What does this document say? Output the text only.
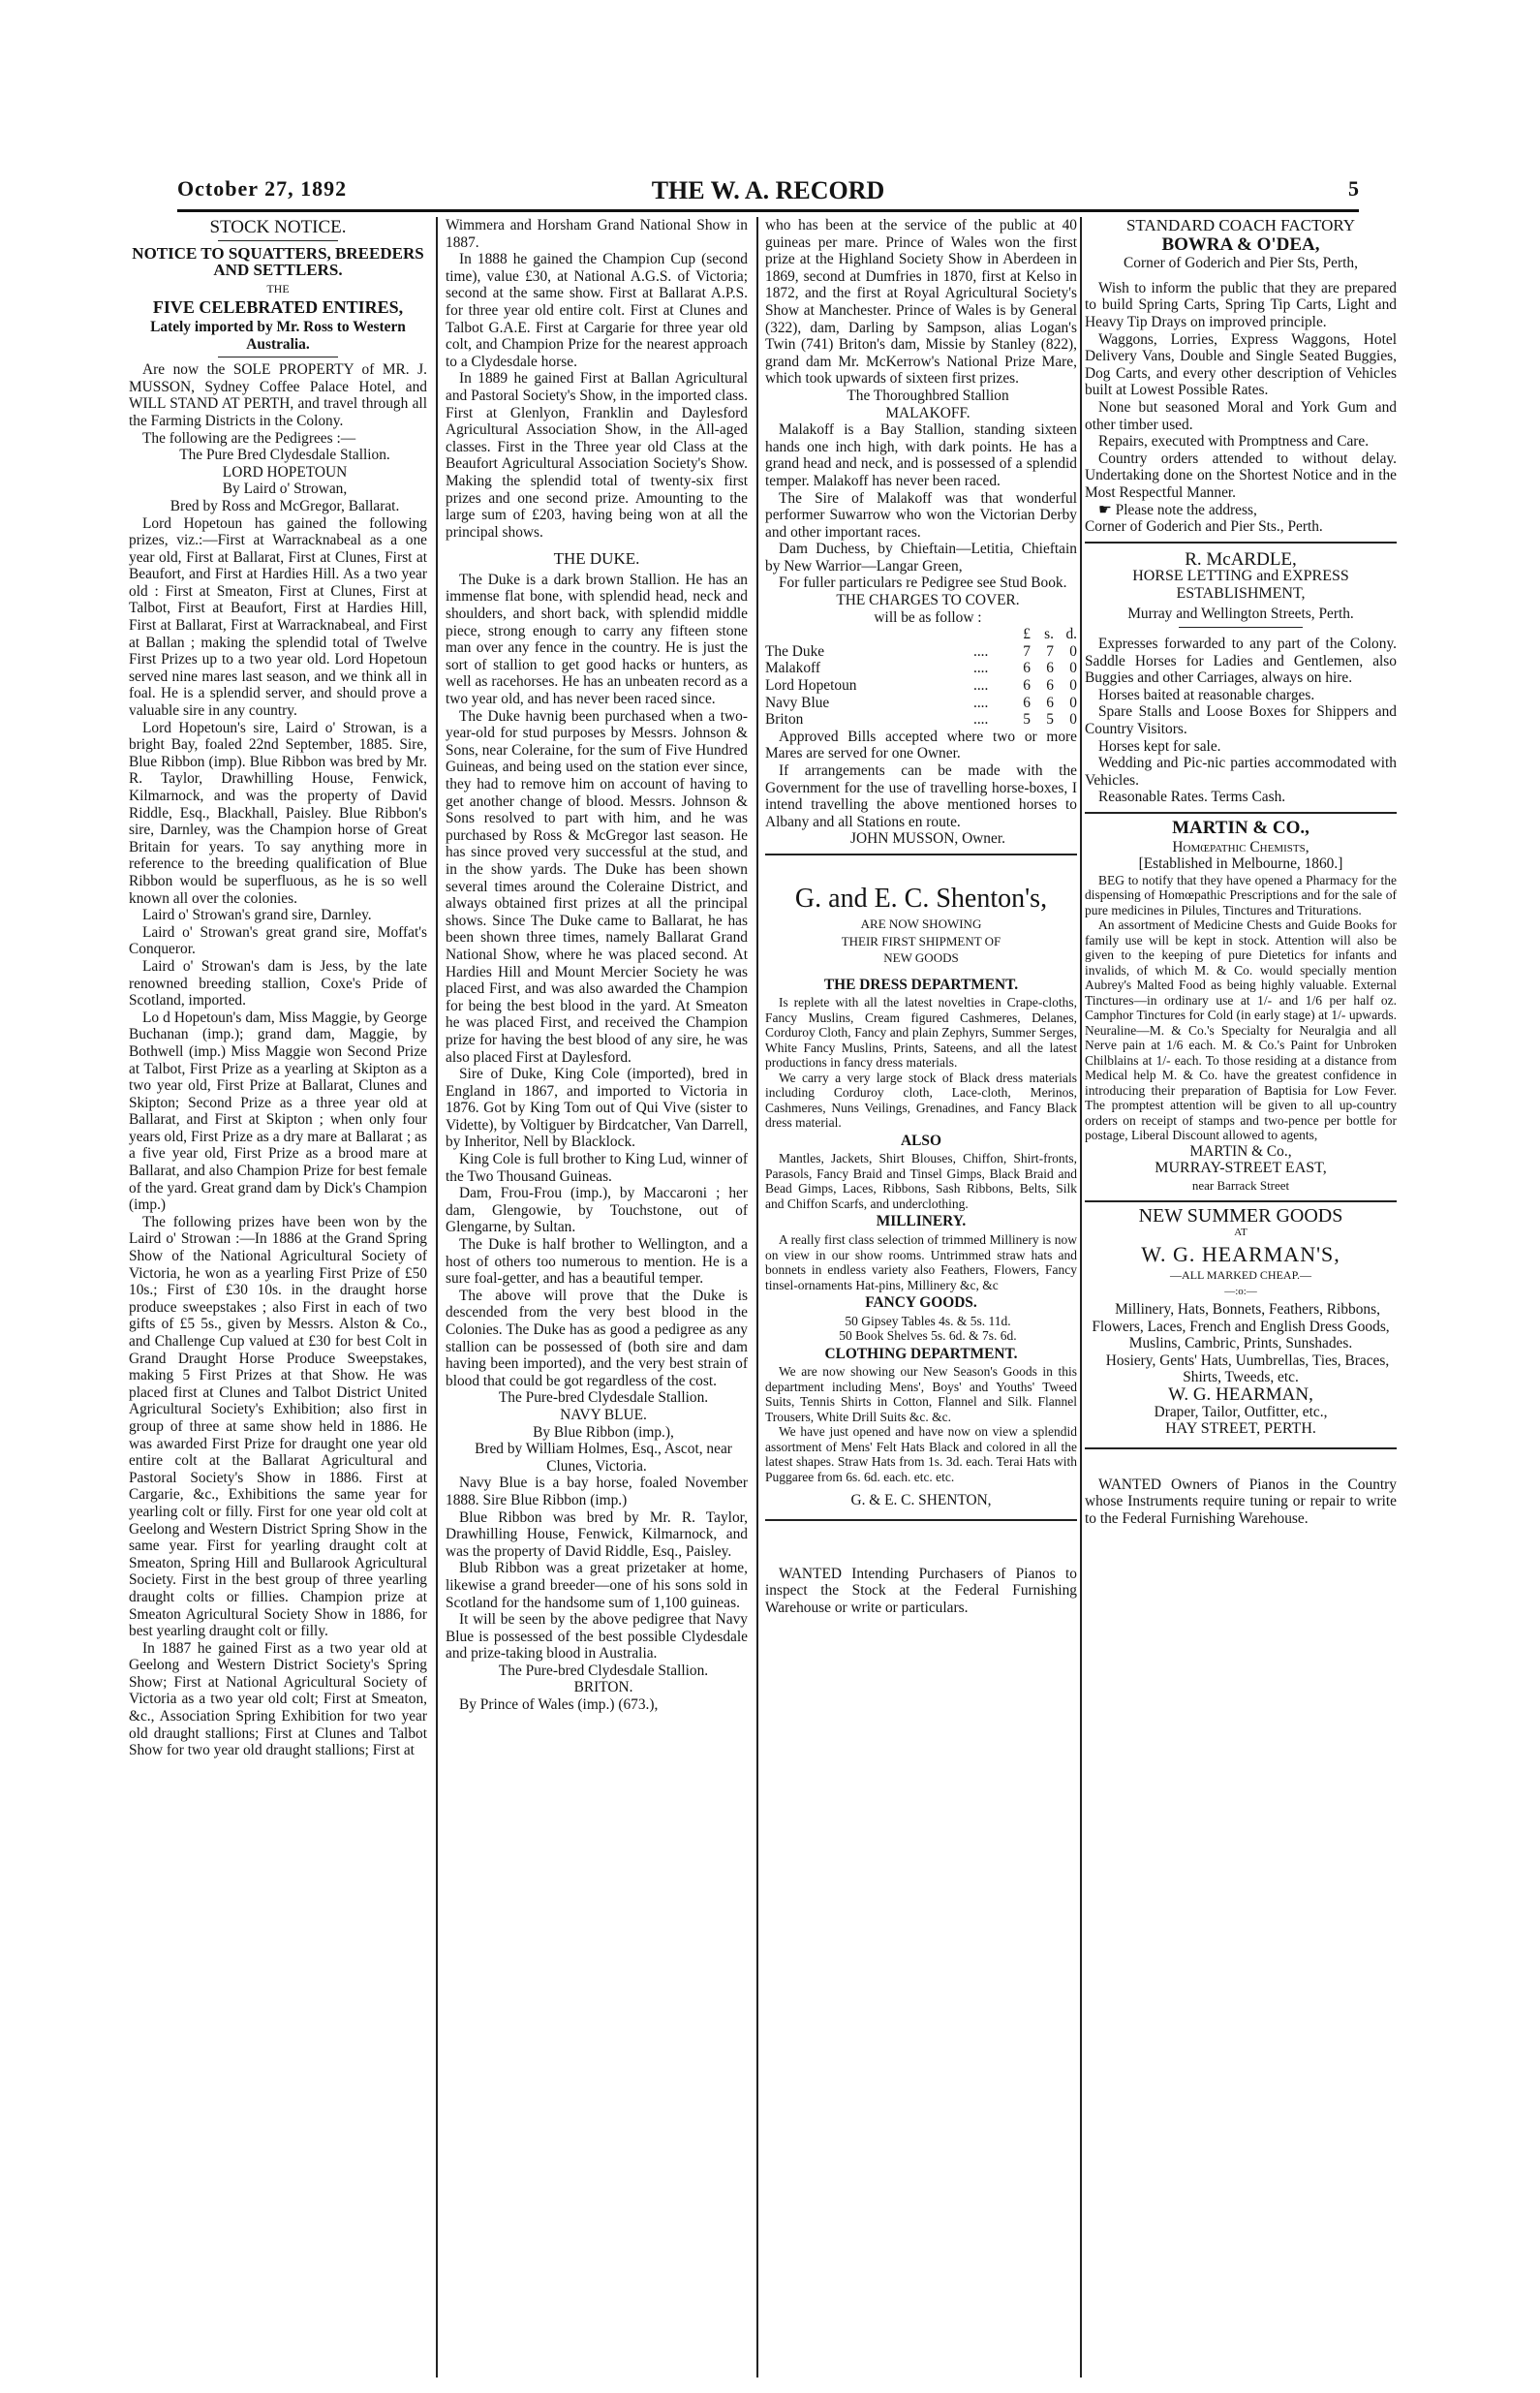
October 27, 1892	THE W. A. RECORD	5
STOCK NOTICE.
NOTICE TO SQUATTERS, BREEDERS AND SETTLERS.
THE
FIVE CELEBRATED ENTIRES,
Lately imported by Mr. Ross to Western Australia.

Are now the SOLE PROPERTY of MR. J. MUSSON, Sydney Coffee Palace Hotel, and WILL STAND AT PERTH, and travel through all the Farming Districts in the Colony.

The following are the Pedigrees :—

The Pure Bred Clydesdale Stallion.

LORD HOPETOUN

By Laird o' Strowan,

Bred by Ross and McGregor, Ballarat.

Lord Hopetoun has gained the following prizes, viz.:—First at Warracknabeal as a one year old, First at Ballarat, First at Clunes, First at Beaufort, and First at Hardies Hill. As a two year old : First at Smeaton, First at Clunes, First at Talbot, First at Beaufort, First at Hardies Hill, First at Ballarat, First at Warracknabeal, and First at Ballan ; making the splendid total of Twelve First Prizes up to a two year old. Lord Hopetoun served nine mares last season, and we think all in foal. He is a splendid server, and should prove a valuable sire in any country.

Lord Hopetoun's sire, Laird o' Strowan, is a bright Bay, foaled 22nd September, 1885. Sire, Blue Ribbon (imp). Blue Ribbon was bred by Mr. R. Taylor, Drawhilling House, Fenwick, Kilmarnock, and was the property of David Riddle, Esq., Blackhall, Paisley. Blue Ribbon's sire, Darnley, was the Champion horse of Great Britain for years. To say anything more in reference to the breeding qualification of Blue Ribbon would be superfluous, as he is so well known all over the colonies.

Laird o' Strowan's grand sire, Darnley.

Laird o' Strowan's great grand sire, Moffat's Conqueror.

Laird o' Strowan's dam is Jess, by the late renowned breeding stallion, Coxe's Pride of Scotland, imported.

Lo d Hopetoun's dam, Miss Maggie, by George Buchanan (imp.); grand dam, Maggie, by Bothwell (imp.) Miss Maggie won Second Prize at Talbot, First Prize as a yearling at Skipton as a two year old, First Prize at Ballarat, Clunes and Skipton; Second Prize as a three year old at Ballarat, and First at Skipton ; when only four years old, First Prize as a dry mare at Ballarat ; as a five year old, First Prize as a brood mare at Ballarat, and also Champion Prize for best female of the yard. Great grand dam by Dick's Champion (imp.)

The following prizes have been won by the Laird o' Strowan :—In 1886 at the Grand Spring Show of the National Agricultural Society of Victoria, he won as a yearling First Prize of £50 10s.; First of £30 10s. in the draught horse produce sweepstakes ; also First in each of two gifts of £5 5s., given by Messrs. Alston & Co., and Challenge Cup valued at £30 for best Colt in Grand Draught Horse Produce Sweepstakes, making 5 First Prizes at that Show. He was placed first at Clunes and Talbot District United Agricultural Society's Exhibition; also first in group of three at same show held in 1886. He was awarded First Prize for draught one year old entire colt at the Ballarat Agricultural and Pastoral Society's Show in 1886. First at Cargarie, &c., Exhibitions the same year for yearling colt or filly. First for one year old colt at Geelong and Western District Spring Show in the same year. First for yearling draught colt at Smeaton, Spring Hill and Bullarook Agricultural Society. First in the best group of three yearling draught colts or fillies. Champion prize at Smeaton Agricultural Society Show in 1886, for best yearling draught colt or filly.

In 1887 he gained First as a two year old at Geelong and Western District Society's Spring Show; First at National Agricultural Society of Victoria as a two year old colt; First at Smeaton, &c., Association Spring Exhibition for two year old draught stallions; First at Clunes and Talbot Show for two year old draught stallions; First at

Wimmera and Horsham Grand National Show in 1887.

In 1888 he gained the Champion Cup (second time), value £30, at National A.G.S. of Victoria; second at the same show. First at Ballarat A.P.S. for three year old entire colt. First at Clunes and Talbot G.A.E. First at Cargarie for three year old colt, and Champion Prize for the nearest approach to a Clydesdale horse.

In 1889 he gained First at Ballan Agricultural and Pastoral Society's Show, in the imported class. First at Glenlyon, Franklin and Daylesford Agricultural Association Show, in the All-aged classes. First in the Three year old Class at the Beaufort Agricultural Association Society's Show. Making the splendid total of twenty-six first prizes and one second prize. Amounting to the large sum of £203, having being won at all the principal shows.

THE DUKE.

The Duke is a dark brown Stallion. He has an immense flat bone, with splendid head, neck and shoulders, and short back, with splendid middle piece, strong enough to carry any fifteen stone man over any fence in the country. He is just the sort of stallion to get good hacks or hunters, as well as racehorses. He has an unbeaten record as a two year old, and has never been raced since.

The Duke havnig been purchased when a two-year-old for stud purposes by Messrs. Johnson & Sons, near Coleraine, for the sum of Five Hundred Guineas, and being used on the station ever since, they had to remove him on account of having to get another change of blood. Messrs. Johnson & Sons resolved to part with him, and he was purchased by Ross & McGregor last season. He has since proved very successful at the stud, and in the show yards. The Duke has been shown several times around the Coleraine District, and always obtained first prizes at all the principal shows. Since The Duke came to Ballarat, he has been shown three times, namely Ballarat Grand National Show, where he was placed second. At Hardies Hill and Mount Mercier Society he was placed First, and was also awarded the Champion for being the best blood in the yard. At Smeaton he was placed First, and received the Champion prize for having the best blood of any sire, he was also placed First at Daylesford.

Sire of Duke, King Cole (imported), bred in England in 1867, and imported to Victoria in 1876. Got by King Tom out of Qui Vive (sister to Vidette), by Voltiguer by Birdcatcher, Van Darrell, by Inheritor, Nell by Blacklock.

King Cole is full brother to King Lud, winner of the Two Thousand Guineas.

Dam, Frou-Frou (imp.), by Maccaroni ; her dam, Glengowie, by Touchstone, out of Glengarne, by Sultan.

The Duke is half brother to Wellington, and a host of others too numerous to mention. He is a sure foal-getter, and has a beautiful temper.

The above will prove that the Duke is descended from the very best blood in the Colonies. The Duke has as good a pedigree as any stallion can be possessed of (both sire and dam having been imported), and the very best strain of blood that could be got regardless of the cost.

The Pure-bred Clydesdale Stallion.

NAVY BLUE.

By Blue Ribbon (imp.),

Bred by William Holmes, Esq., Ascot, near Clunes, Victoria.

Navy Blue is a bay horse, foaled November 1888. Sire Blue Ribbon (imp.)

Blue Ribbon was bred by Mr. R. Taylor, Drawhilling House, Fenwick, Kilmarnock, and was the property of David Riddle, Esq., Paisley.

Blub Ribbon was a great prizetaker at home, likewise a grand breeder—one of his sons sold in Scotland for the handsome sum of 1,100 guineas.

It will be seen by the above pedigree that Navy Blue is possessed of the best possible Clydesdale and prize-taking blood in Australia.

The Pure-bred Clydesdale Stallion.

BRITON.

By Prince of Wales (imp.) (673.),

who has been at the service of the public at 40 guineas per mare. Prince of Wales won the first prize at the Highland Society Show in Aberdeen in 1869, second at Dumfries in 1870, first at Kelso in 1872, and the first at Royal Agricultural Society's Show at Manchester. Prince of Wales is by General (322), dam, Darling by Sampson, alias Logan's Twin (741) Briton's dam, Missie by Stanley (822), grand dam Mr. McKerrow's National Prize Mare, which took upwards of sixteen first prizes.

The Thoroughbred Stallion

MALAKOFF.

Malakoff is a Bay Stallion, standing sixteen hands one inch high, with dark points. He has a grand head and neck, and is possessed of a splendid temper. Malakoff has never been raced.

The Sire of Malakoff was that wonderful performer Suwarrow who won the Victorian Derby and other important races.

Dam Duchess, by Chieftain—Letitia, Chieftain by New Warrior—Langar Green,

For fuller particulars re Pedigree see Stud Book.

THE CHARGES TO COVER.

will be as follow :

		£	s.	d.
The Duke	....	7	7	0
Malakoff	....	6	6	0
Lord Hopetoun	....	6	6	0
Navy Blue	....	6	6	0
Briton	....	5	5	0

Approved Bills accepted where two or more Mares are served for one Owner.

If arrangements can be made with the Government for the use of travelling horse-boxes, I intend travelling the above mentioned horses to Albany and all Stations en route.

JOHN MUSSON, Owner.

G. and E. C. Shenton's,
ARE NOW SHOWING
THEIR FIRST SHIPMENT OF
NEW GOODS
THE DRESS DEPARTMENT.

Is replete with all the latest novelties in Crape-cloths, Fancy Muslins, Cream figured Cashmeres, Delanes, Corduroy Cloth, Fancy and plain Zephyrs, Summer Serges, White Fancy Muslins, Prints, Sateens, and all the latest productions in fancy dress materials.

We carry a very large stock of Black dress materials including Corduroy cloth, Lace-cloth, Merinos, Cashmeres, Nuns Veilings, Grenadines, and Fancy Black dress material.

ALSO

Mantles, Jackets, Shirt Blouses, Chiffon, Shirt-fronts, Parasols, Fancy Braid and Tinsel Gimps, Black Braid and Bead Gimps, Laces, Ribbons, Sash Ribbons, Belts, Silk and Chiffon Scarfs, and underclothing.

MILLINERY.

A really first class selection of trimmed Millinery is now on view in our show rooms. Untrimmed straw hats and bonnets in endless variety also Feathers, Flowers, Fancy tinsel-ornaments Hat-pins, Millinery &c, &c

FANCY GOODS.

50 Gipsey Tables 4s. & 5s. 11d.

50 Book Shelves 5s. 6d. & 7s. 6d.

CLOTHING DEPARTMENT.

We are now showing our New Season's Goods in this department including Mens', Boys' and Youths' Tweed Suits, Tennis Shirts in Cotton, Flannel and Silk. Flannel Trousers, White Drill Suits &c. &c.

We have just opened and have now on view a splendid assortment of Mens' Felt Hats Black and colored in all the latest shapes. Straw Hats from 1s. 3d. each. Terai Hats with Puggaree from 6s. 6d. each. etc. etc.

G. & E. C. SHENTON,

WANTED Intending Purchasers of Pianos to inspect the Stock at the Federal Furnishing Warehouse or write or particulars.

STANDARD COACH FACTORY
BOWRA & O'DEA,
Corner of Goderich and Pier Sts, Perth,

Wish to inform the public that they are prepared to build Spring Carts, Spring Tip Carts, Light and Heavy Tip Drays on improved principle.

Waggons, Lorries, Express Waggons, Hotel Delivery Vans, Double and Single Seated Buggies, Dog Carts, and every other description of Vehicles built at Lowest Possible Rates.

None but seasoned Moral and York Gum and other timber used.

Repairs, executed with Promptness and Care.

Country orders attended to without delay. Undertaking done on the Shortest Notice and in the Most Respectful Manner.

☛ Please note the address,

Corner of Goderich and Pier Sts., Perth.

R. McARDLE,
HORSE LETTING and EXPRESS ESTABLISHMENT,
Murray and Wellington Streets, Perth.

Expresses forwarded to any part of the Colony. Saddle Horses for Ladies and Gentlemen, also Buggies and other Carriages, always on hire.

Horses baited at reasonable charges.

Spare Stalls and Loose Boxes for Shippers and Country Visitors.

Horses kept for sale.

Wedding and Pic-nic parties accommodated with Vehicles.

Reasonable Rates. Terms Cash.

MARTIN & CO.,
Homœpathic Chemists,
[Established in Melbourne, 1860.]

BEG to notify that they have opened a Pharmacy for the dispensing of Homœpathic Prescriptions and for the sale of pure medicines in Pilules, Tinctures and Triturations.

An assortment of Medicine Chests and Guide Books for family use will be kept in stock. Attention will also be given to the keeping of pure Dietetics for infants and invalids, of which M. & Co. would specially mention Aubrey's Malted Food as being highly valuable. External Tinctures—in ordinary use at 1/- and 1/6 per half oz. Camphor Tinctures for Cold (in early stage) at 1/- upwards. Neuraline—M. & Co.'s Specialty for Neuralgia and all Nerve pain at 1/6 each. M. & Co.'s Paint for Unbroken Chilblains at 1/- each. To those residing at a distance from Medical help M. & Co. have the greatest confidence in introducing their preparation of Baptisia for Low Fever. The promptest attention will be given to all up-country orders on receipt of stamps and two-pence per bottle for postage, Liberal Discount allowed to agents,

MARTIN & Co.,
MURRAY-STREET EAST,
near Barrack Street
NEW SUMMER GOODS
AT
W. G. HEARMAN'S,
—ALL MARKED CHEAP.—
—:o:—

Millinery, Hats, Bonnets, Feathers, Ribbons, Flowers, Laces, French and English Dress Goods, Muslins, Cambric, Prints, Sunshades.

Hosiery, Gents' Hats, Uumbrellas, Ties, Braces, Shirts, Tweeds, etc.

W. G. HEARMAN,
Draper, Tailor, Outfitter, etc.,
HAY STREET, PERTH.

WANTED Owners of Pianos in the Country whose Instruments require tuning or repair to write to the Federal Furnishing Warehouse.
